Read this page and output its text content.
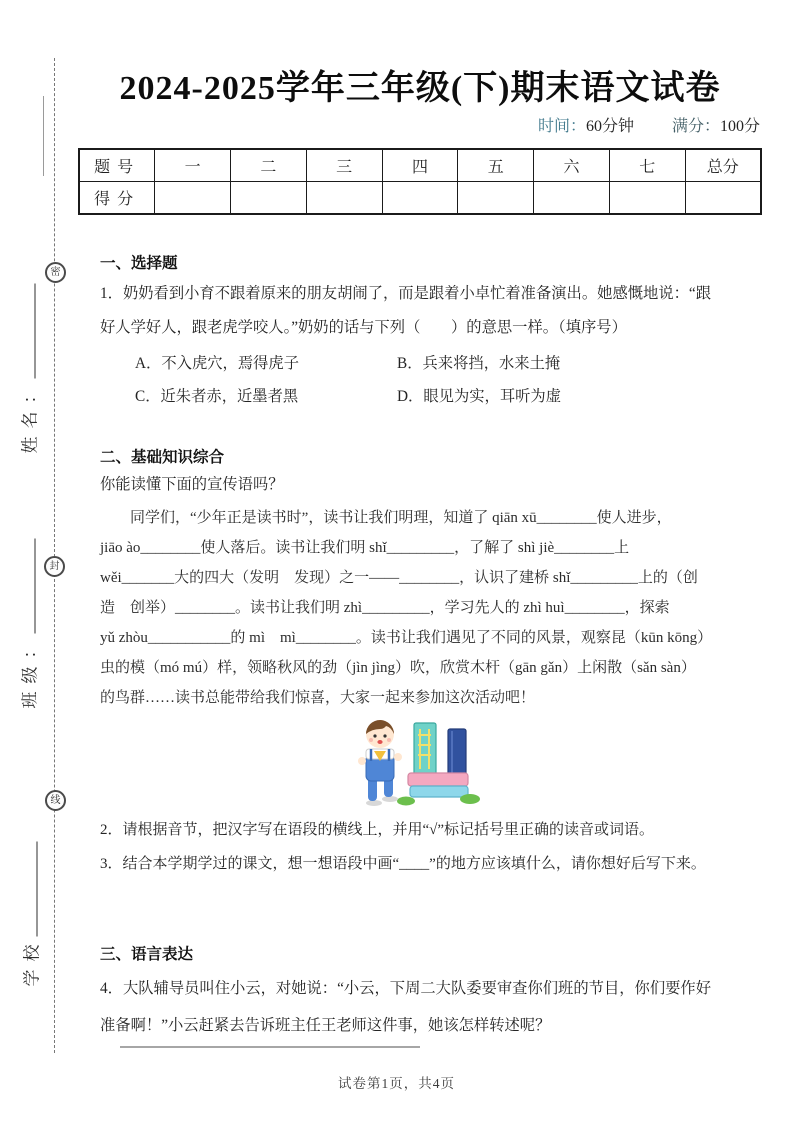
密
封
线
姓名：
班级：
学校
2024-2025学年三年级(下)期末语文试卷
时间：60分钟 满分：100分
题号	一	二	三	四	五	六	七	总分
得分								
一、选择题
1．奶奶看到小育不跟着原来的朋友胡闹了，而是跟着小卓忙着准备演出。她感慨地说：“跟
好人学好人，跟老虎学咬人。”奶奶的话与下列（　　）的意思一样。（填序号）
A．不入虎穴，焉得虎子	B．兵来将挡，水来土掩
C．近朱者赤，近墨者黑	D．眼见为实，耳听为虚
二、基础知识综合
你能读懂下面的宣传语吗？
　　同学们，“少年正是读书时”，读书让我们明理，知道了 qiān xū________使人进步，
jiāo ào________使人落后。读书让我们明 shǐ_________，了解了 shì jiè________上
wěi_______大的四大（发明　发现）之一——________，认识了建桥 shǐ_________上的（创
造　创举）________。读书让我们明 zhì_________，学习先人的 zhì huì________，探索
yǔ zhòu___________的 mì　mì________。读书让我们遇见了不同的风景，观察昆（kūn kōng）
虫的模（mó mú）样，领略秋风的劲（jìn jìng）吹，欣赏木杆（gān gǎn）上闲散（sǎn sàn）
的鸟群……读书总能带给我们惊喜，大家一起来参加这次活动吧！
2．请根据音节，把汉字写在语段的横线上，并用“√”标记括号里正确的读音或词语。
3．结合本学期学过的课文，想一想语段中画“____”的地方应该填什么，请你想好后写下来。
三、语言表达
4．大队辅导员叫住小云，对她说：“小云，下周二大队委要审查你们班的节目，你们要作好
准备啊！”小云赶紧去告诉班主任王老师这件事，她该怎样转述呢？
试卷第1页，共4页
